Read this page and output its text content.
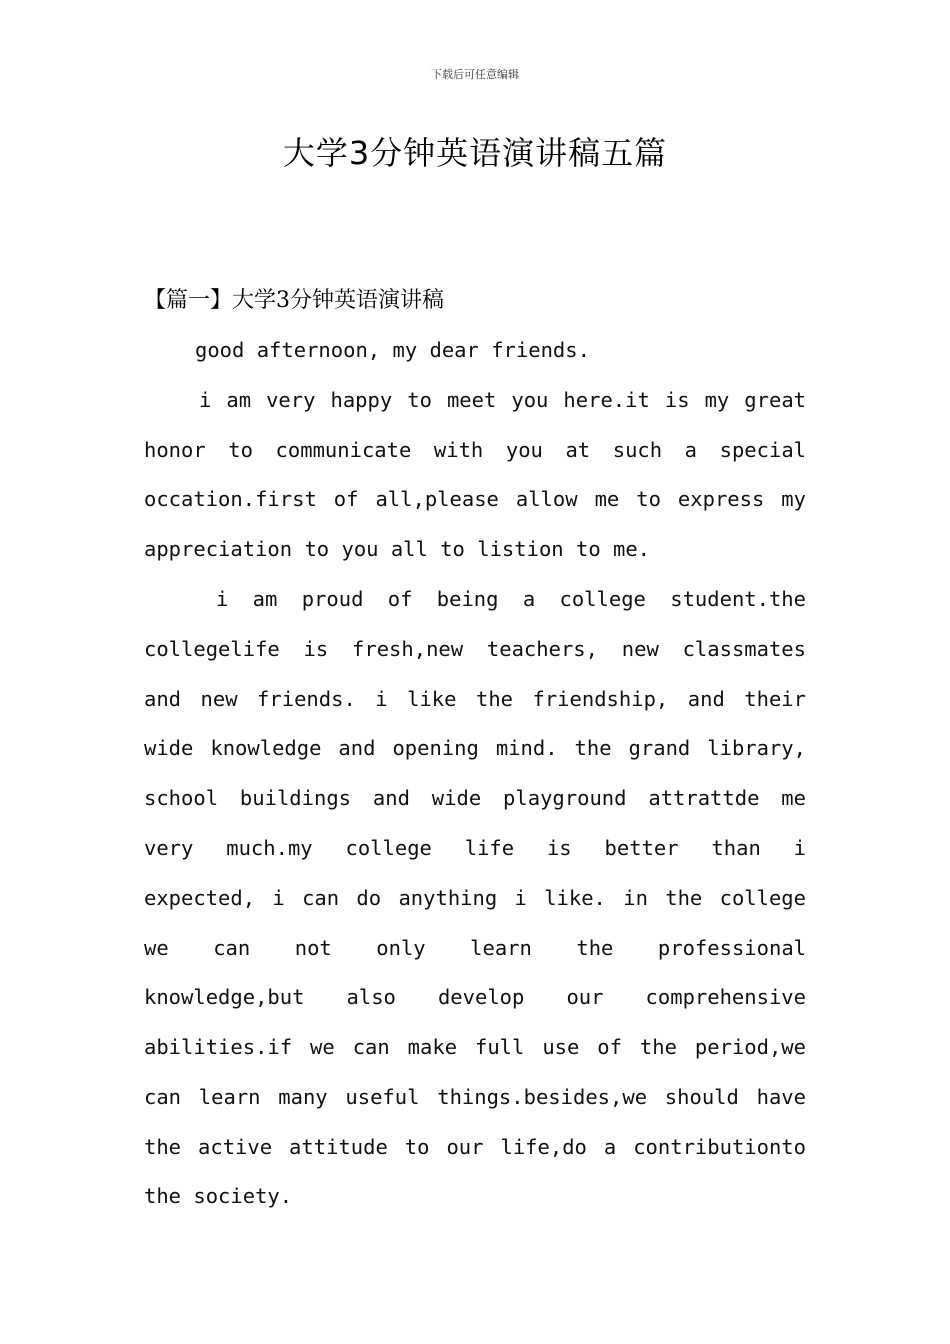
下载后可任意编辑
大学3分钟英语演讲稿五篇
【篇一】大学3分钟英语演讲稿
good afternoon, my dear friends.
i am very happy to meet you here.it is my great
honor to communicate with you at such a special
occation.first of all,please allow me to express my
appreciation to you all to listion to me.
i am proud of being a college student.the
collegelife is fresh,new teachers, new classmates
and new friends. i like the friendship, and their
wide knowledge and opening mind. the grand library,
school buildings and wide playground attrattde me
very much.my college life is better than i
expected, i can do anything i like. in the college
we can not only learn the professional
knowledge,but also develop our comprehensive
abilities.if we can make full use of the period,we
can learn many useful things.besides,we should have
the active attitude to our life,do a contributionto
the society.
